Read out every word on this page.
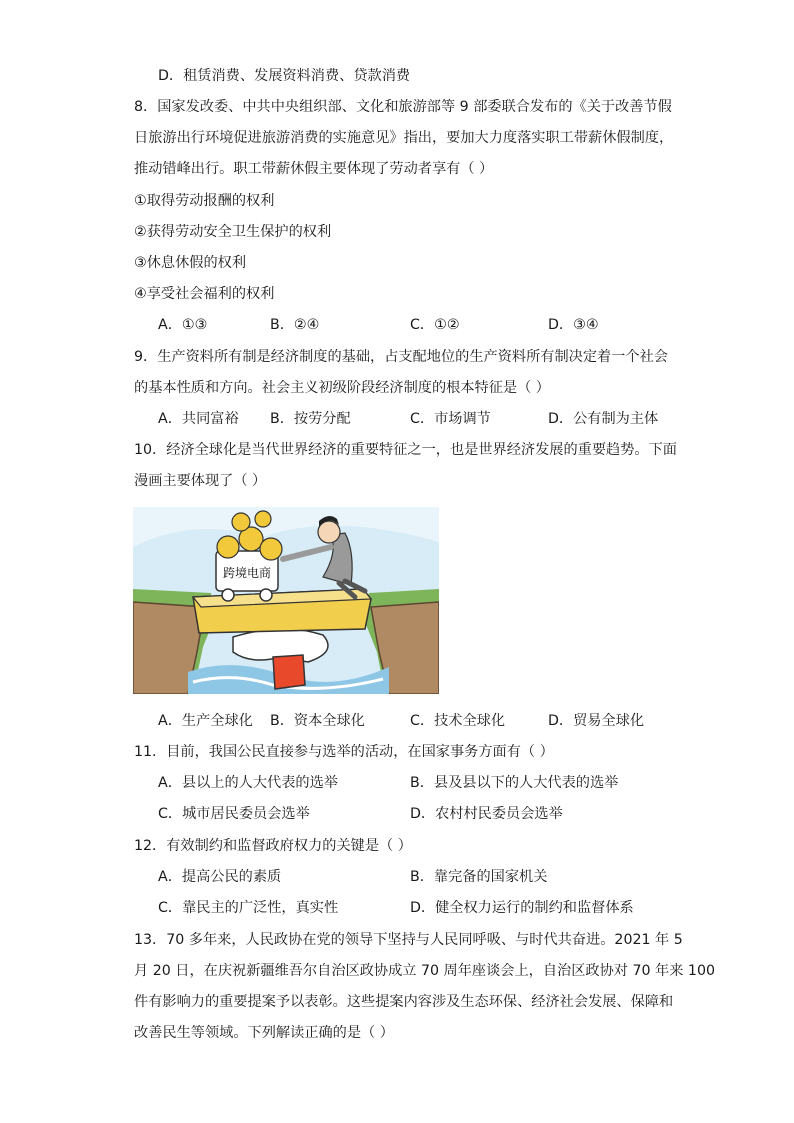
D．租赁消费、发展资料消费、贷款消费
8．国家发改委、中共中央组织部、文化和旅游部等 9 部委联合发布的《关于改善节假
日旅游出行环境促进旅游消费的实施意见》指出，要加大力度落实职工带薪休假制度，
推动错峰出行。职工带薪休假主要体现了劳动者享有（ ）
①取得劳动报酬的权利
②获得劳动安全卫生保护的权利
③休息休假的权利
④享受社会福利的权利
A．①③	B．②④	C．①②	D．③④
9．生产资料所有制是经济制度的基础，占支配地位的生产资料所有制决定着一个社会
的基本性质和方向。社会主义初级阶段经济制度的根本特征是（ ）
A．共同富裕 B．按劳分配	C．市场调节	D．公有制为主体
10．经济全球化是当代世界经济的重要特征之一，也是世界经济发展的重要趋势。下面
漫画主要体现了（ ）
跨境电商
A．生产全球化 B．资本全球化	C．技术全球化	D．贸易全球化
11．目前，我国公民直接参与选举的活动，在国家事务方面有（ ）
A．县以上的人大代表的选举	B．县及县以下的人大代表的选举
C．城市居民委员会选举	D．农村村民委员会选举
12．有效制约和监督政府权力的关键是（ ）
A．提高公民的素质	B．靠完备的国家机关
C．靠民主的广泛性，真实性	D．健全权力运行的制约和监督体系
13．70 多年来，人民政协在党的领导下坚持与人民同呼吸、与时代共奋进。2021 年 5
月 20 日，在庆祝新疆维吾尔自治区政协成立 70 周年座谈会上，自治区政协对 70 年来 100
件有影响力的重要提案予以表彰。这些提案内容涉及生态环保、经济社会发展、保障和
改善民生等领域。下列解读正确的是（ ）
